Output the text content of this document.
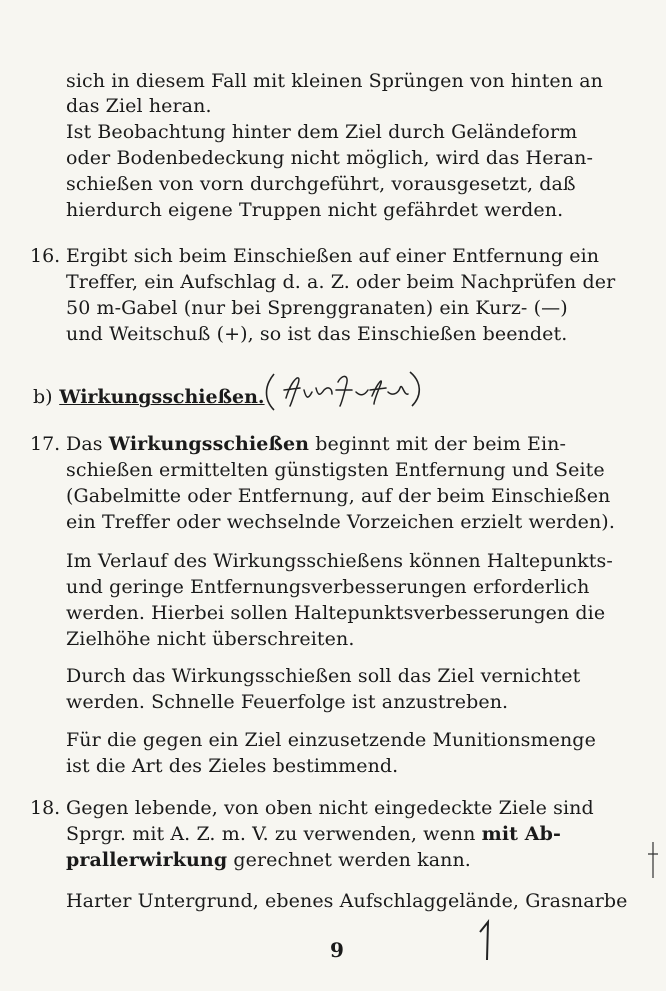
sich in diesem Fall mit kleinen Sprüngen von hinten an
das Ziel heran.
Ist Beobachtung hinter dem Ziel durch Geländeform
oder Bodenbedeckung nicht möglich, wird das Heran-
schießen von vorn durchgeführt, vorausgesetzt, daß
hierdurch eigene Truppen nicht gefährdet werden.
16. Ergibt sich beim Einschießen auf einer Entfernung ein
Treffer, ein Aufschlag d. a. Z. oder beim Nachprüfen der
50 m-Gabel (nur bei Sprenggranaten) ein Kurz- (—)
und Weitschuß (+), so ist das Einschießen beendet.
b) Wirkungsschießen.
17. Das Wirkungsschießen beginnt mit der beim Ein-
schießen ermittelten günstigsten Entfernung und Seite
(Gabelmitte oder Entfernung, auf der beim Einschießen
ein Treffer oder wechselnde Vorzeichen erzielt werden).
Im Verlauf des Wirkungsschießens können Haltepunkts-
und geringe Entfernungsverbesserungen erforderlich
werden. Hierbei sollen Haltepunktsverbesserungen die
Zielhöhe nicht überschreiten.
Durch das Wirkungsschießen soll das Ziel vernichtet
werden. Schnelle Feuerfolge ist anzustreben.
Für die gegen ein Ziel einzusetzende Munitionsmenge
ist die Art des Zieles bestimmend.
18. Gegen lebende, von oben nicht eingedeckte Ziele sind
Sprgr. mit A. Z. m. V. zu verwenden, wenn mit Ab-
prallerwirkung gerechnet werden kann.
Harter Untergrund, ebenes Aufschlaggelände, Grasnarbe
9
